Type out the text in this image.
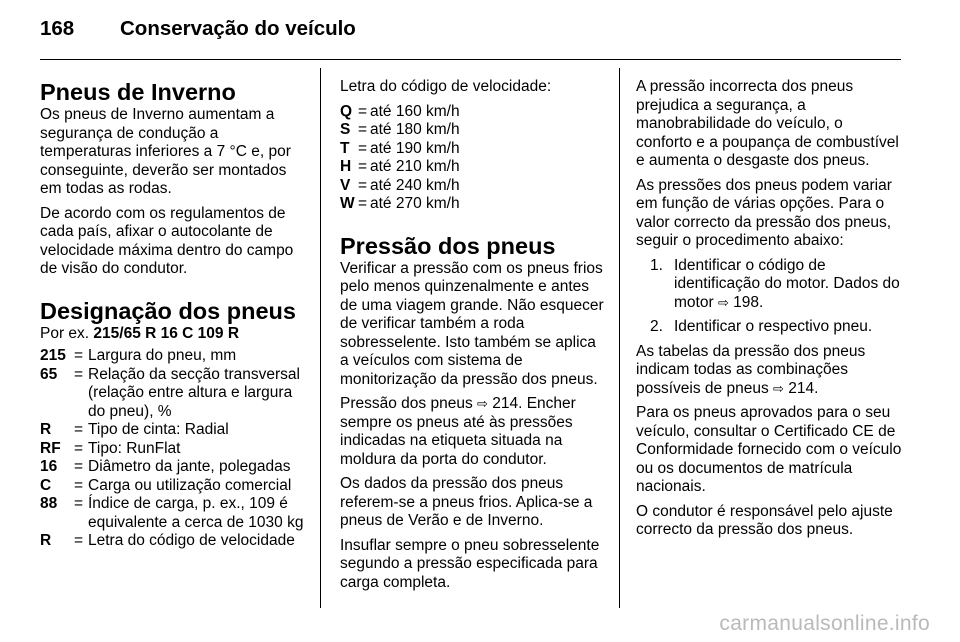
168 Conservação do veículo
Pneus de Inverno

Os pneus de Inverno aumentam a segurança de condução a temperaturas inferiores a 7 °C e, por conseguinte, deverão ser montados em todas as rodas.

De acordo com os regulamentos de cada país, afixar o autocolante de velocidade máxima dentro do campo de visão do condutor.

Designação dos pneus

Por ex. 215/65 R 16 C 109 R

215 = Largura do pneu, mm
65	= Relação da secção transversal (relação entre altura e largura do pneu), %
R	= Tipo de cinta: Radial
RF = Tipo: RunFlat
16	= Diâmetro da jante, polegadas
C	= Carga ou utilização comercial
88	= Índice de carga, p. ex., 109 é equivalente a cerca de 1030 kg
R	= Letra do código de velocidade

Letra do código de velocidade:

Q = até 160 km/h
S = até 180 km/h
T = até 190 km/h
H = até 210 km/h
V = até 240 km/h
W = até 270 km/h
Pressão dos pneus

Verificar a pressão com os pneus frios pelo menos quinzenalmente e antes de uma viagem grande. Não esquecer de verificar também a roda sobresselente. Isto também se aplica a veículos com sistema de monitorização da pressão dos pneus.

Pressão dos pneus ⇨ 214. Encher sempre os pneus até às pressões indicadas na etiqueta situada na moldura da porta do condutor.

Os dados da pressão dos pneus referem-se a pneus frios. Aplica-se a pneus de Verão e de Inverno.

Insuflar sempre o pneu sobresselente segundo a pressão especificada para carga completa.

A pressão incorrecta dos pneus prejudica a segurança, a manobrabilidade do veículo, o conforto e a poupança de combustível e aumenta o desgaste dos pneus.

As pressões dos pneus podem variar em função de várias opções. Para o valor correcto da pressão dos pneus, seguir o procedimento abaixo:

1. Identificar o código de identificação do motor. Dados do motor ⇨ 198.
2. Identificar o respectivo pneu.

As tabelas da pressão dos pneus indicam todas as combinações possíveis de pneus ⇨ 214.

Para os pneus aprovados para o seu veículo, consultar o Certificado CE de Conformidade fornecido com o veículo ou os documentos de matrícula nacionais.

O condutor é responsável pelo ajuste correcto da pressão dos pneus.

carmanualsonline.info
